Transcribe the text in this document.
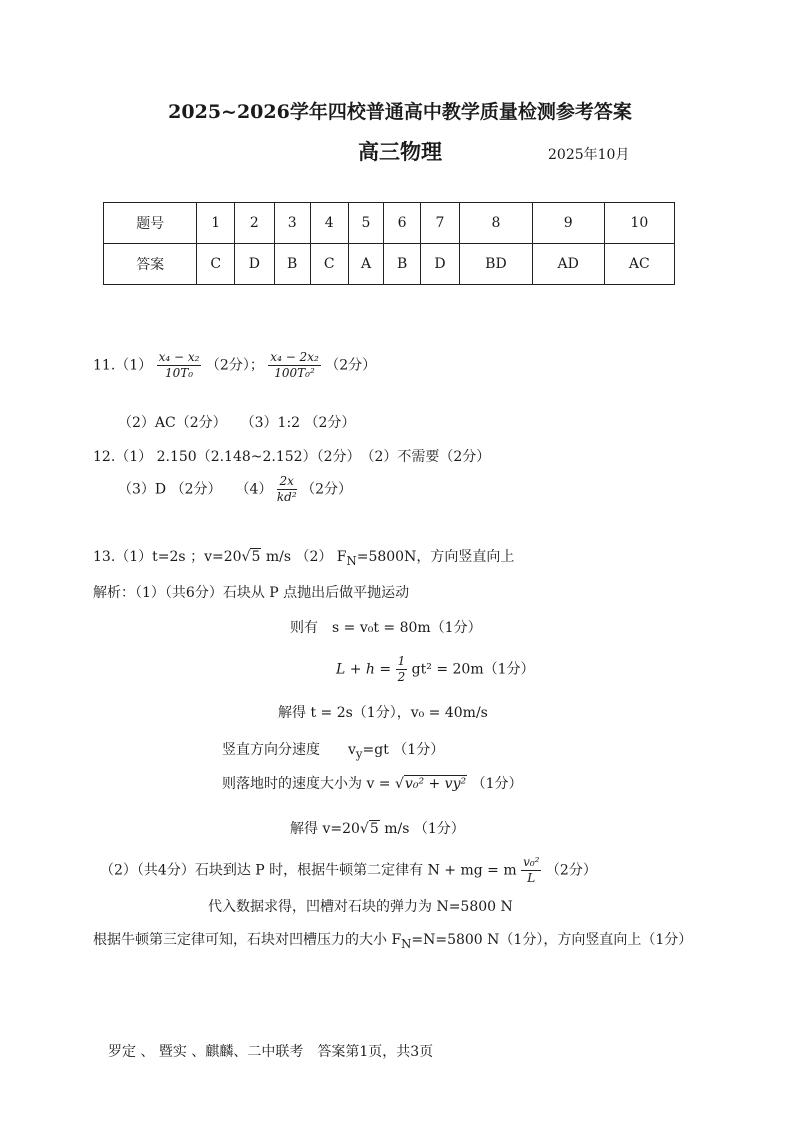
2025~2026学年四校普通高中教学质量检测参考答案
高三物理	2025年10月
题号	1	2	3	4	5	6	7	8	9	10
答案	C	D	B	C	A	B	D	BD	AD	AC
$11.(1) \frac{\text{x₄ − x₂}}{\text{10T₀}} (2$分）； $\frac{\text{x₄ − 2x₂}}{\text{100T₀²}} (2$分）
（2）AC（2分）　　（3）1:2 （2分）
12.（1） 2.150（2.148~2.152）（2分）　（2）不需要（2分）
（3）D （2分）　　$(4) \frac{2x}{\text{kd²}} (2$分）
13.（1）t=2s ；v=20√5 m/s （2） $F_N=5800N$，方向竖直向上
解析：（1）（共6分）石块从 P 点抛出后做平抛运动
则有　s = v₀t = 80m（1分）
$L + h = \frac{1}{2} gt^2 = 20m(1$分）
解得 t = 2s（1分），v₀ = 40m/s
竖直方向分速度　　$v_y=gt$ （1分）
则落地时的速度大小为 v = √v₀² + vy² （1分）
解得 v=20√5 m/s （1分）
（2）（共4分）石块到达 P 时，根据牛顿第二定律有 N + mg = m $\frac{\text{v₀²}}{L} (2$分）
代入数据求得，凹槽对石块的弹力为 N=5800 N
根据牛顿第三定律可知，石块对凹槽压力的大小 $F_N=N=5800$ N（1分），方向竖直向上（1分）
罗定 、 暨实 、麒麟、二中联考　答案第1页，共3页
